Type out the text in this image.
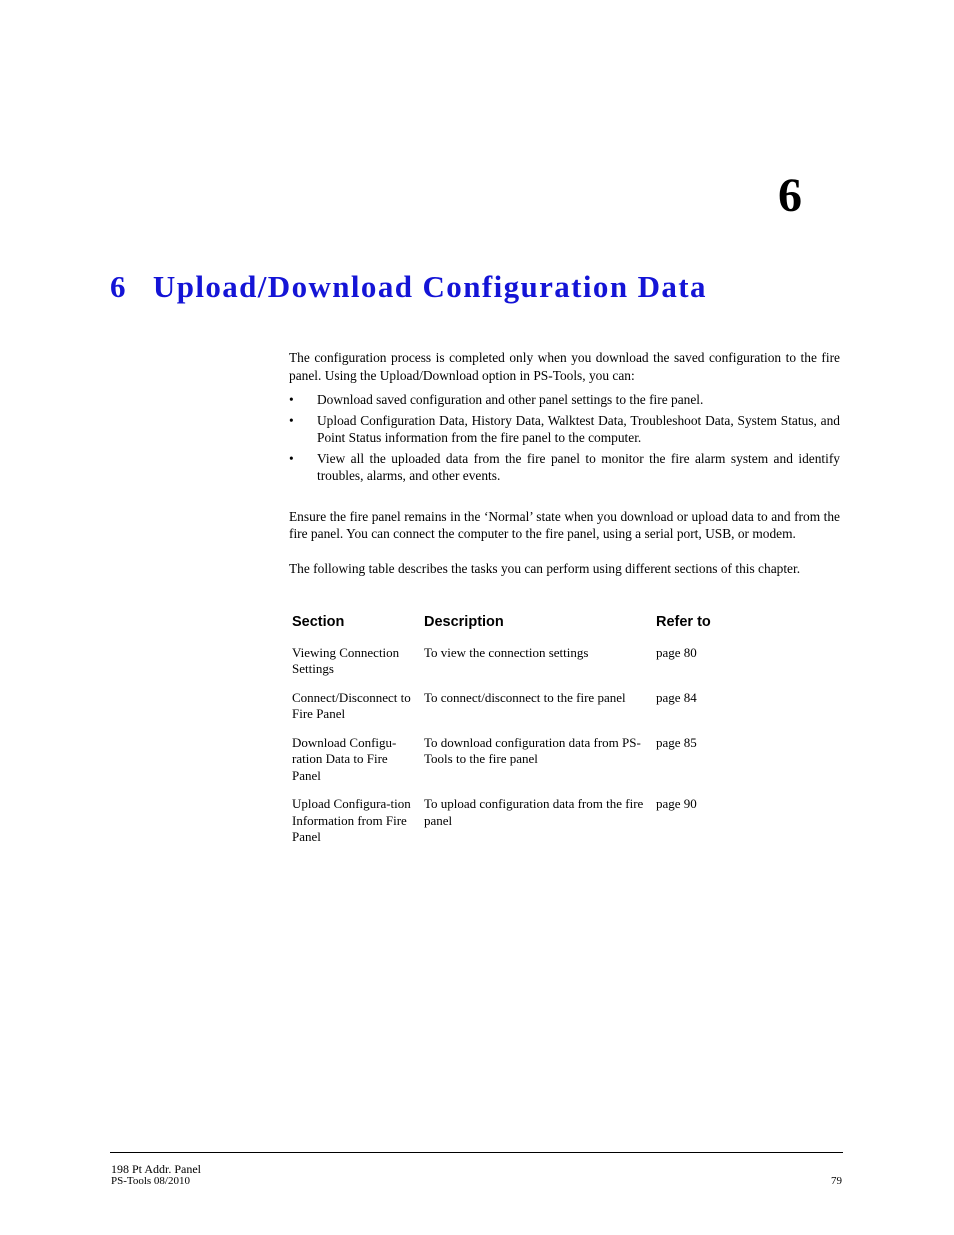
6
6 Upload/Download Configuration Data

The configuration process is completed only when you download the saved configuration to the fire panel. Using the Upload/Download option in PS-Tools, you can:

• Download saved configuration and other panel settings to the fire panel.
• Upload Configuration Data, History Data, Walktest Data, Troubleshoot Data, System Status, and Point Status information from the fire panel to the computer.
• View all the uploaded data from the fire panel to monitor the fire alarm system and identify troubles, alarms, and other events.

Ensure the fire panel remains in the ‘Normal’ state when you download or upload data to and from the fire panel. You can connect the computer to the fire panel, using a serial port, USB, or modem.

The following table describes the tasks you can perform using different sections of this chapter.

Section	Description	Refer to
Viewing Connection Settings	To view the connection settings	page 80
Connect/Disconnect to Fire Panel	To connect/disconnect to the fire panel	page 84
Download Configu-ration Data to Fire Panel	To download configuration data from PS-Tools to the fire panel	page 85
Upload Configura-tion Information from Fire Panel	To upload configuration data from the fire panel	page 90
198 Pt Addr. Panel
PS-Tools 08/2010	79
